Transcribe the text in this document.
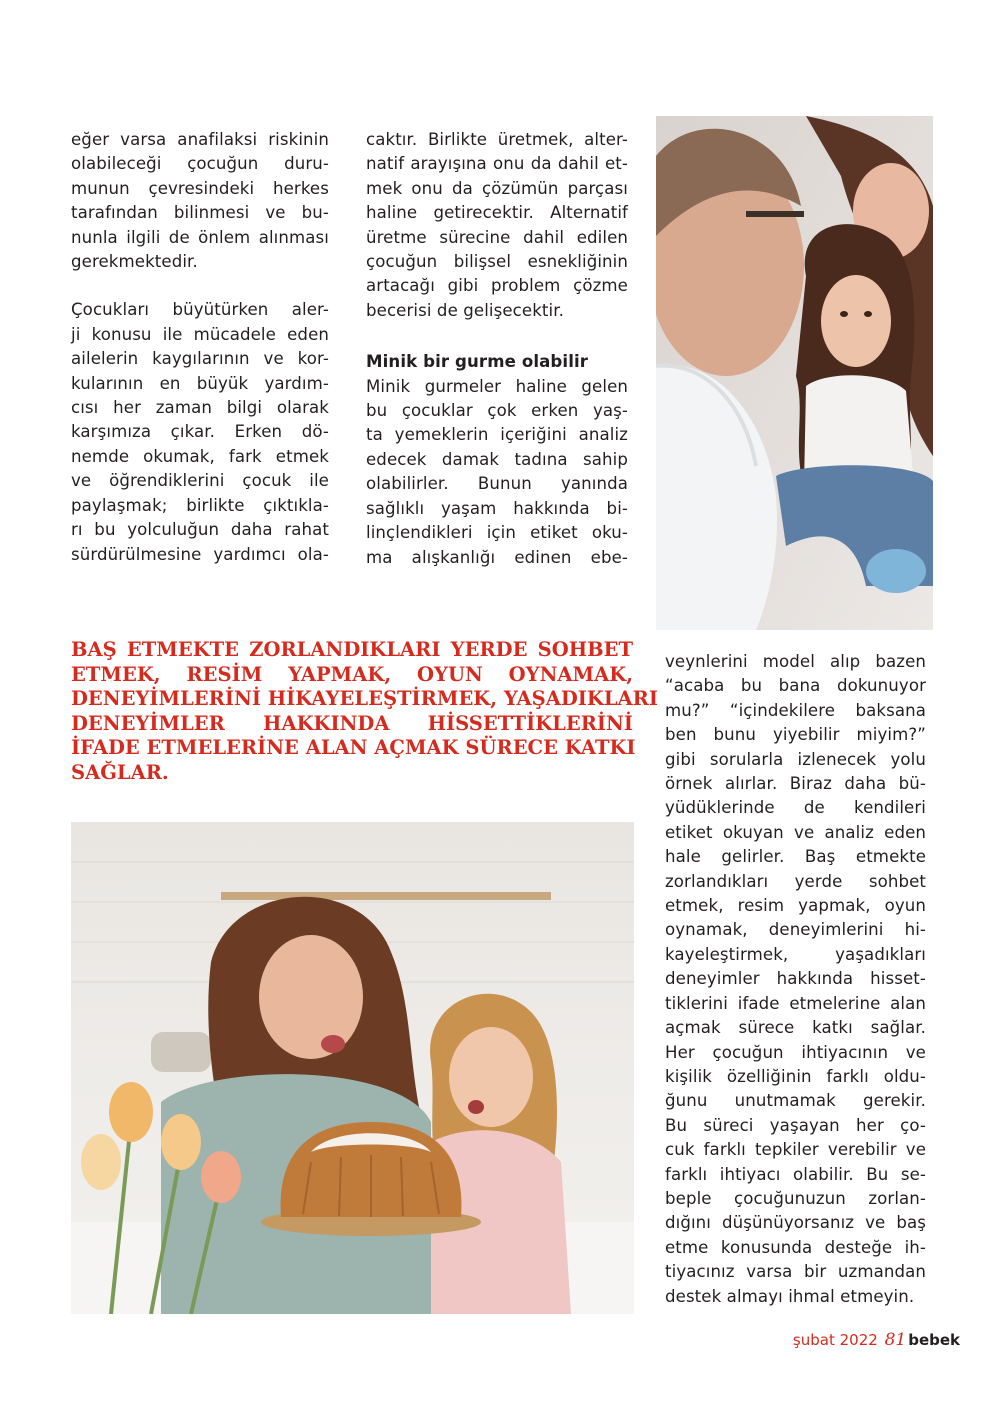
eğer varsa anafilaksi riskinin
olabileceği çocuğun duru-
munun çevresindeki herkes
tarafından bilinmesi ve bu-
nunla ilgili de önlem alınması
gerekmektedir.
Çocukları büyütürken aler-
ji konusu ile mücadele eden
ailelerin kaygılarının ve kor-
kularının en büyük yardım-
cısı her zaman bilgi olarak
karşımıza çıkar. Erken dö-
nemde okumak, fark etmek
ve öğrendiklerini çocuk ile
paylaşmak; birlikte çıktıkla-
rı bu yolculuğun daha rahat
sürdürülmesine yardımcı ola-
caktır. Birlikte üretmek, alter-
natif arayışına onu da dahil et-
mek onu da çözümün parçası
haline getirecektir. Alternatif
üretme sürecine dahil edilen
çocuğun bilişsel esnekliğinin
artacağı gibi problem çözme
becerisi de gelişecektir.
Minik bir gurme olabilir
Minik gurmeler haline gelen
bu çocuklar çok erken yaş-
ta yemeklerin içeriğini analiz
edecek damak tadına sahip
olabilirler. Bunun yanında
sağlıklı yaşam hakkında bi-
linçlendikleri için etiket oku-
ma alışkanlığı edinen ebe-
BAŞ ETMEKTE ZORLANDIKLARI YERDE SOHBET
ETMEK, RESİM YAPMAK, OYUN OYNAMAK,
DENEYİMLERİNİ HİKAYELEŞTİRMEK, YAŞADIKLARI
DENEYİMLER HAKKINDA HİSSETTİKLERİNİ
İFADE ETMELERİNE ALAN AÇMAK SÜRECE KATKI
SAĞLAR.
veynlerini model alıp bazen
“acaba bu bana dokunuyor
mu?” “içindekilere baksana
ben bunu yiyebilir miyim?”
gibi sorularla izlenecek yolu
örnek alırlar. Biraz daha bü-
yüdüklerinde de kendileri
etiket okuyan ve analiz eden
hale gelirler. Baş etmekte
zorlandıkları yerde sohbet
etmek, resim yapmak, oyun
oynamak, deneyimlerini hi-
kayeleştirmek, yaşadıkları
deneyimler hakkında hisset-
tiklerini ifade etmelerine alan
açmak sürece katkı sağlar.
Her çocuğun ihtiyacının ve
kişilik özelliğinin farklı oldu-
ğunu unutmamak gerekir.
Bu süreci yaşayan her ço-
cuk farklı tepkiler verebilir ve
farklı ihtiyacı olabilir. Bu se-
beple çocuğunuzun zorlan-
dığını düşünüyorsanız ve baş
etme konusunda desteğe ih-
tiyacınız varsa bir uzmandan
destek almayı ihmal etmeyin.
şubat 2022 81 bebek
